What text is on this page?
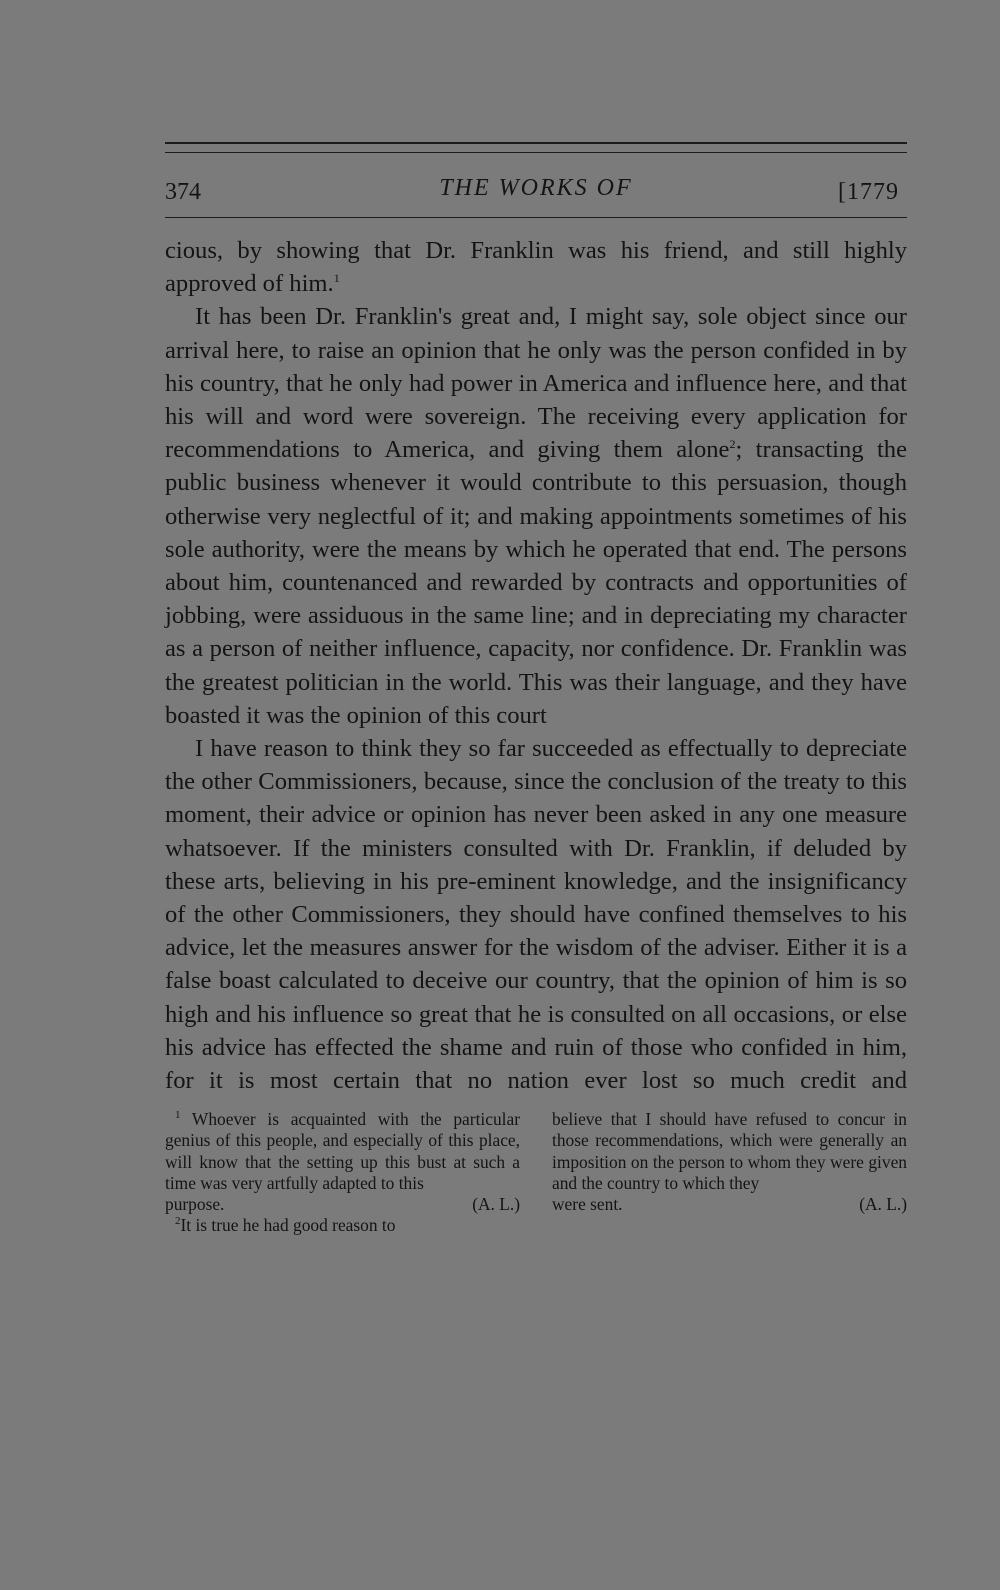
374	THE WORKS OF	[1779

cious, by showing that Dr. Franklin was his friend, and still highly approved of him.$^1$

It has been Dr. Franklin's great and, I might say, sole object since our arrival here, to raise an opinion that he only was the person confided in by his country, that he only had power in America and influence here, and that his will and word were sovereign. The receiving every application for recommendations to America, and giving them alone$^2$; transacting the public business whenever it would contribute to this persuasion, though otherwise very neglectful of it; and making appointments sometimes of his sole authority, were the means by which he operated that end. The persons about him, countenanced and rewarded by contracts and opportunities of jobbing, were assiduous in the same line; and in depreciating my character as a person of neither influence, capacity, nor confidence. Dr. Franklin was the greatest politician in the world. This was their language, and they have boasted it was the opinion of this court

I have reason to think they so far succeeded as effectually to depreciate the other Commissioners, because, since the conclusion of the treaty to this moment, their advice or opinion has never been asked in any one measure whatsoever. If the ministers consulted with Dr. Franklin, if deluded by these arts, believing in his pre-eminent knowledge, and the insignificancy of the other Commissioners, they should have confined themselves to his advice, let the measures answer for the wisdom of the adviser. Either it is a false boast calculated to deceive our country, that the opinion of him is so high and his influence so great that he is consulted on all occasions, or else his advice has effected the shame and ruin of those who confided in him, for it is most certain that no nation ever lost so much credit and

$^1$ Whoever is acquainted with the particular genius of this people, and especially of this place, will know that the setting up this bust at such a time was very artfully adapted to this

purpose.	(A. L.)

$^2$It is true he had good reason to

believe that I should have refused to concur in those recommendations, which were generally an imposition on the person to whom they were given and the country to which they

were sent.	(A. L.)
